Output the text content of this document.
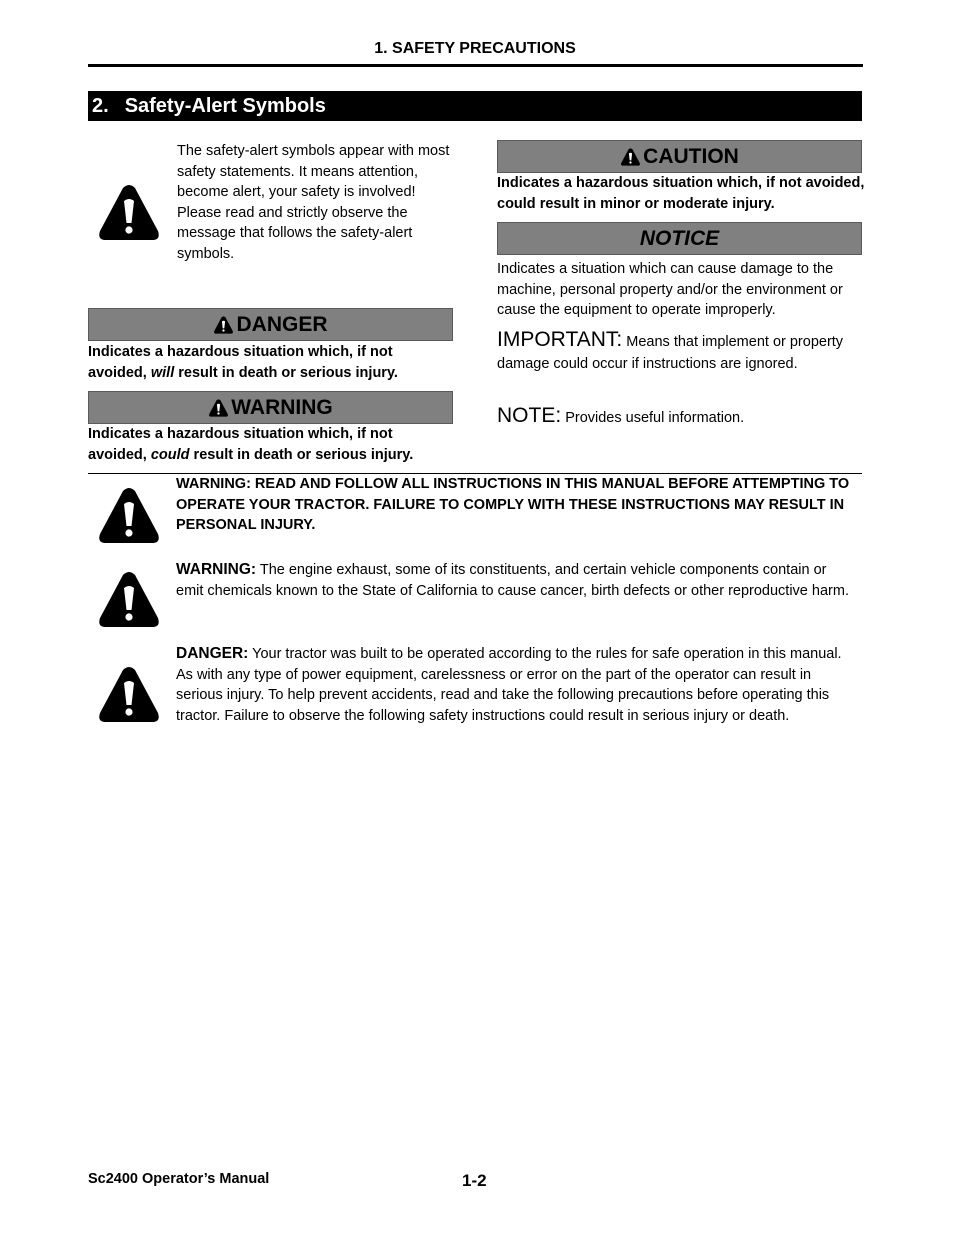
1. SAFETY PRECAUTIONS
2. Safety-Alert Symbols
The safety-alert symbols appear with most safety statements. It means attention, become alert, your safety is involved!
Please read and strictly observe the message that follows the safety-alert symbols.
DANGER
Indicates a hazardous situation which, if not avoided, will result in death or serious injury.
WARNING
Indicates a hazardous situation which, if not avoided, could result in death or serious injury.
CAUTION
Indicates a hazardous situation which, if not avoided, could result in minor or moderate injury.
NOTICE
Indicates a situation which can cause damage to the machine, personal property and/or the environment or cause the equipment to operate improperly.
IMPORTANT: Means that implement or property damage could occur if instructions are ignored.
NOTE: Provides useful information.
WARNING: READ AND FOLLOW ALL INSTRUCTIONS IN THIS MANUAL BEFORE ATTEMPTING TO OPERATE YOUR TRACTOR. FAILURE TO COMPLY WITH THESE INSTRUCTIONS MAY RESULT IN PERSONAL INJURY.
WARNING: The engine exhaust, some of its constituents, and certain vehicle components contain or emit chemicals known to the State of California to cause cancer, birth defects or other reproductive harm.
DANGER: Your tractor was built to be operated according to the rules for safe operation in this manual. As with any type of power equipment, carelessness or error on the part of the operator can result in serious injury. To help prevent accidents, read and take the following precautions before operating this tractor. Failure to observe the following safety instructions could result in serious injury or death.
Sc2400 Operator’s Manual	1-2
